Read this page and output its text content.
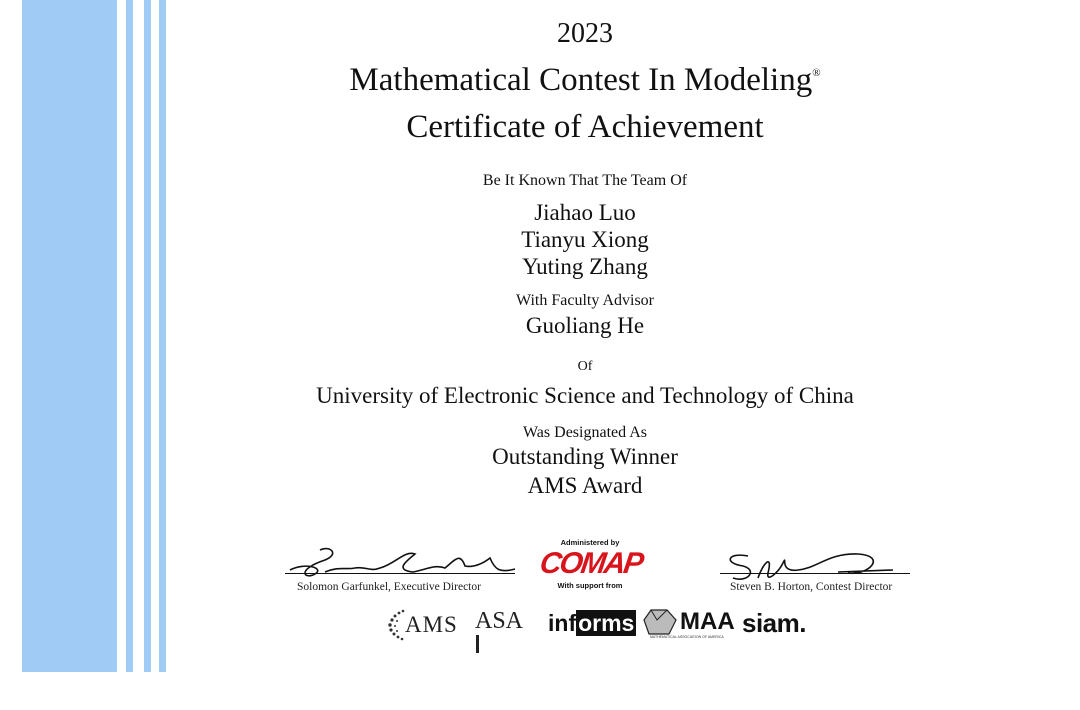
2023
Mathematical Contest In Modeling®
Certificate of Achievement
Be It Known That The Team Of
Jiahao Luo
Tianyu Xiong
Yuting Zhang
With Faculty Advisor
Guoliang He
Of
University of Electronic Science and Technology of China
Was Designated As
Outstanding Winner
AMS Award
Solomon Garfunkel, Executive Director
Administered by
COMAP
With support from	Steven B. Horton, Contest Director
AMS ASA informs MAA
MATHEMATICAL ASSOCIATION OF AMERICA siam.
